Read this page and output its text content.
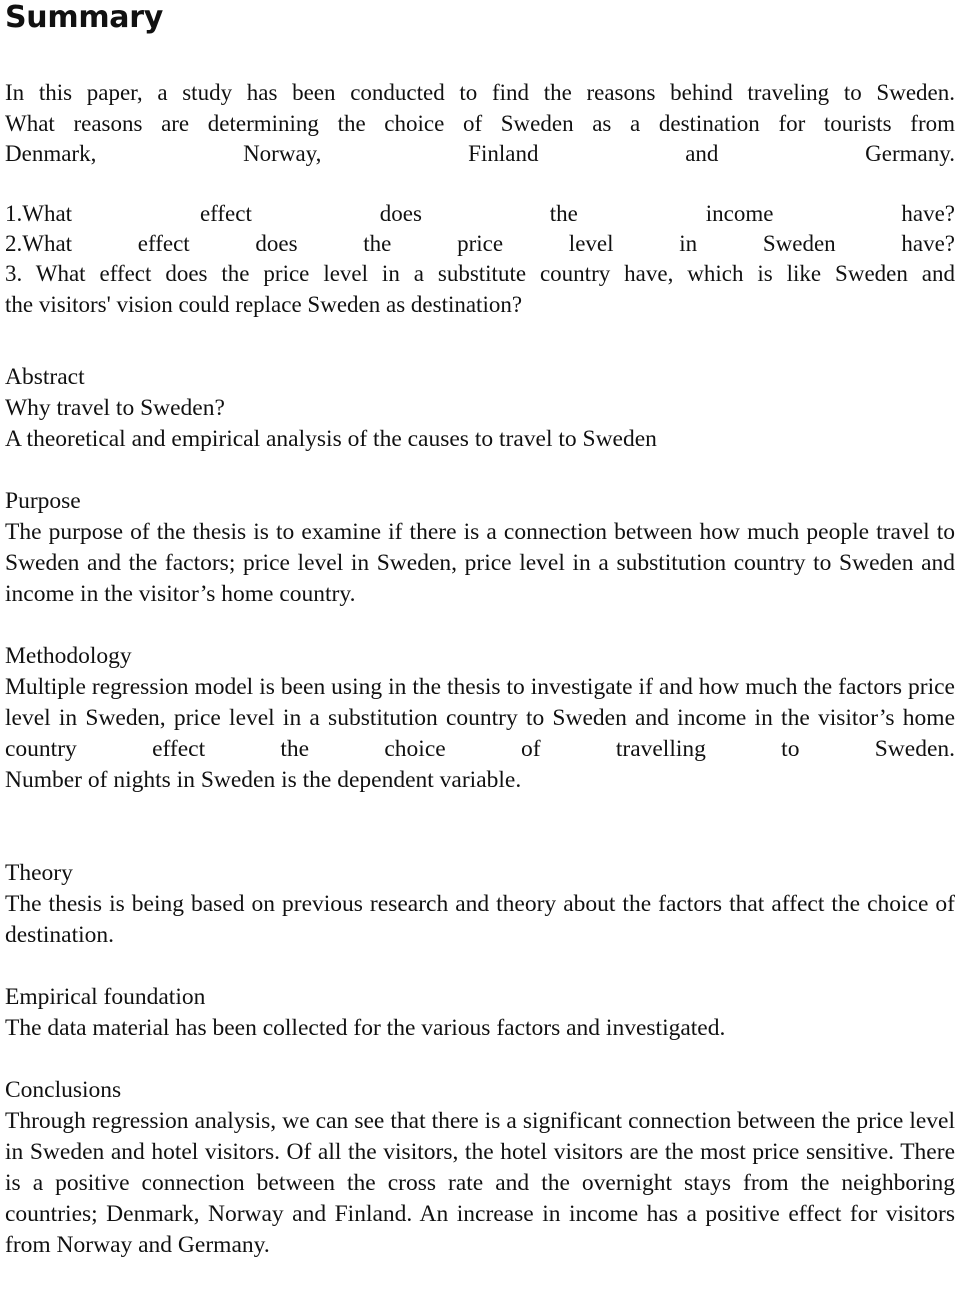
Summary

In this paper, a study has been conducted to find the reasons behind traveling to Sweden.

What reasons are determining the choice of Sweden as a destination for tourists from

Denmark, Norway, Finland and Germany.

1.What effect does the income have?

2.What effect does the price level in Sweden have?

3. What effect does the price level in a substitute country have, which is like Sweden and

the visitors' vision could replace Sweden as destination?

Abstract

Why travel to Sweden?

A theoretical and empirical analysis of the causes to travel to Sweden

Purpose

The purpose of the thesis is to examine if there is a connection between how much people travel to Sweden and the factors; price level in Sweden, price level in a substitution country to Sweden and income in the visitor’s home country.

Methodology

Multiple regression model is been using in the thesis to investigate if and how much the factors price level in Sweden, price level in a substitution country to Sweden and income in the visitor’s home country effect the choice of travelling to Sweden.

Number of nights in Sweden is the dependent variable.

Theory

The thesis is being based on previous research and theory about the factors that affect the choice of destination.

Empirical foundation

The data material has been collected for the various factors and investigated.

Conclusions

Through regression analysis, we can see that there is a significant connection between the price level in Sweden and hotel visitors. Of all the visitors, the hotel visitors are the most price sensitive. There is a positive connection between the cross rate and the overnight stays from the neighboring countries; Denmark, Norway and Finland. An increase in income has a positive effect for visitors from Norway and Germany.
